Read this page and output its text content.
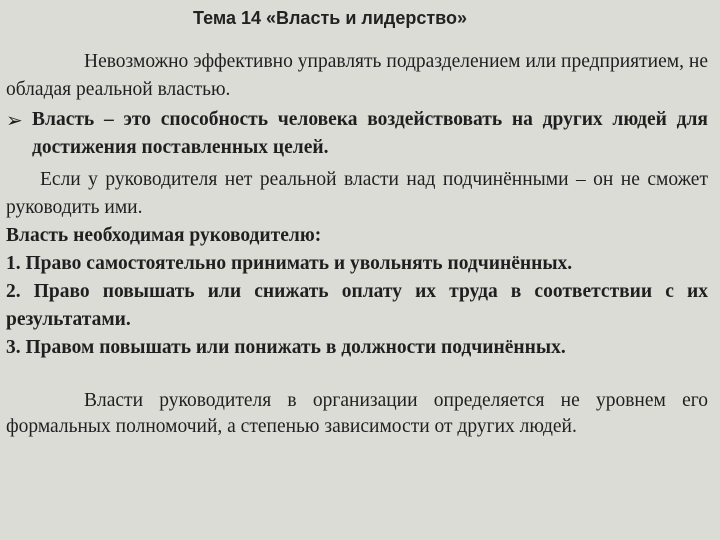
Тема 14 «Власть и лидерство»

Невозможно эффективно управлять подразделением или предприятием, не обладая реальной властью.

➢ Власть – это способность человека воздействовать на других людей для достижения поставленных целей.

Если у руководителя нет реальной власти над подчинёнными – он не сможет руководить ими.

Власть необходимая руководителю:

1. Право самостоятельно принимать и увольнять подчинённых.

2. Право повышать или снижать оплату их труда в соответствии с их результатами.

3. Правом повышать или понижать в должности подчинённых.

Власти руководителя в организации определяется не уровнем его формальных полномочий, а степенью зависимости от других людей.
